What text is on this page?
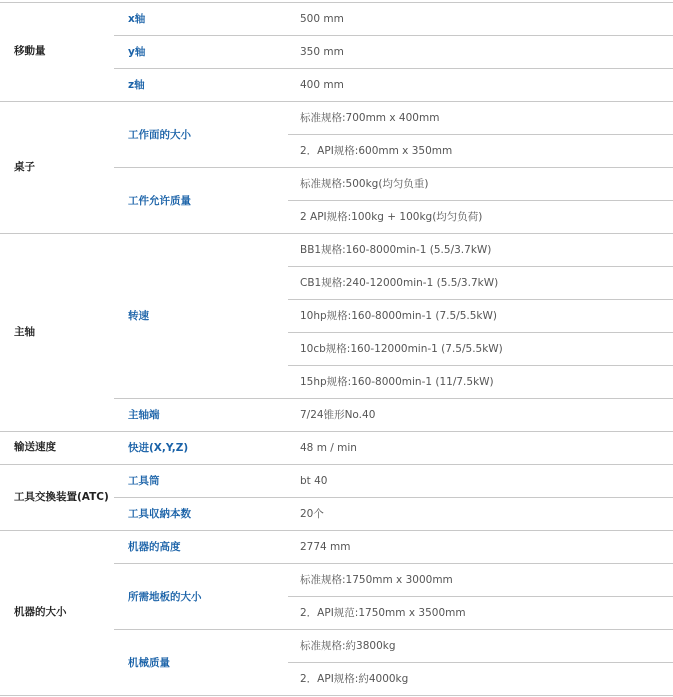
500 mm
x轴
350 mm
y轴
400 mm
z轴
移動量
标准规格:700mm x 400mm
2．API规格:600mm x 350mm
工作面的大小
标准规格:500kg(均匀负重)
2 API规格:100kg + 100kg(均匀负荷)
工件允许质量
桌子
BB1规格:160-8000min-1 (5.5/3.7kW)
CB1规格:240-12000min-1 (5.5/3.7kW)
10hp规格:160-8000min-1 (7.5/5.5kW)
10cb规格:160-12000min-1 (7.5/5.5kW)
15hp规格:160-8000min-1 (11/7.5kW)
转速
7/24锥形No.40
主轴端
主轴
48 m / min
快进(X,Y,Z)
输送速度
bt 40
工具筒
20个
工具収納本数
工具交換装置(ATC)
2774 mm
机器的高度
标准规格:1750mm x 3000mm
2．API规范:1750mm x 3500mm
所需地板的大小
标准规格:約3800kg
2．API规格:約4000kg
机械质量
机器的大小
